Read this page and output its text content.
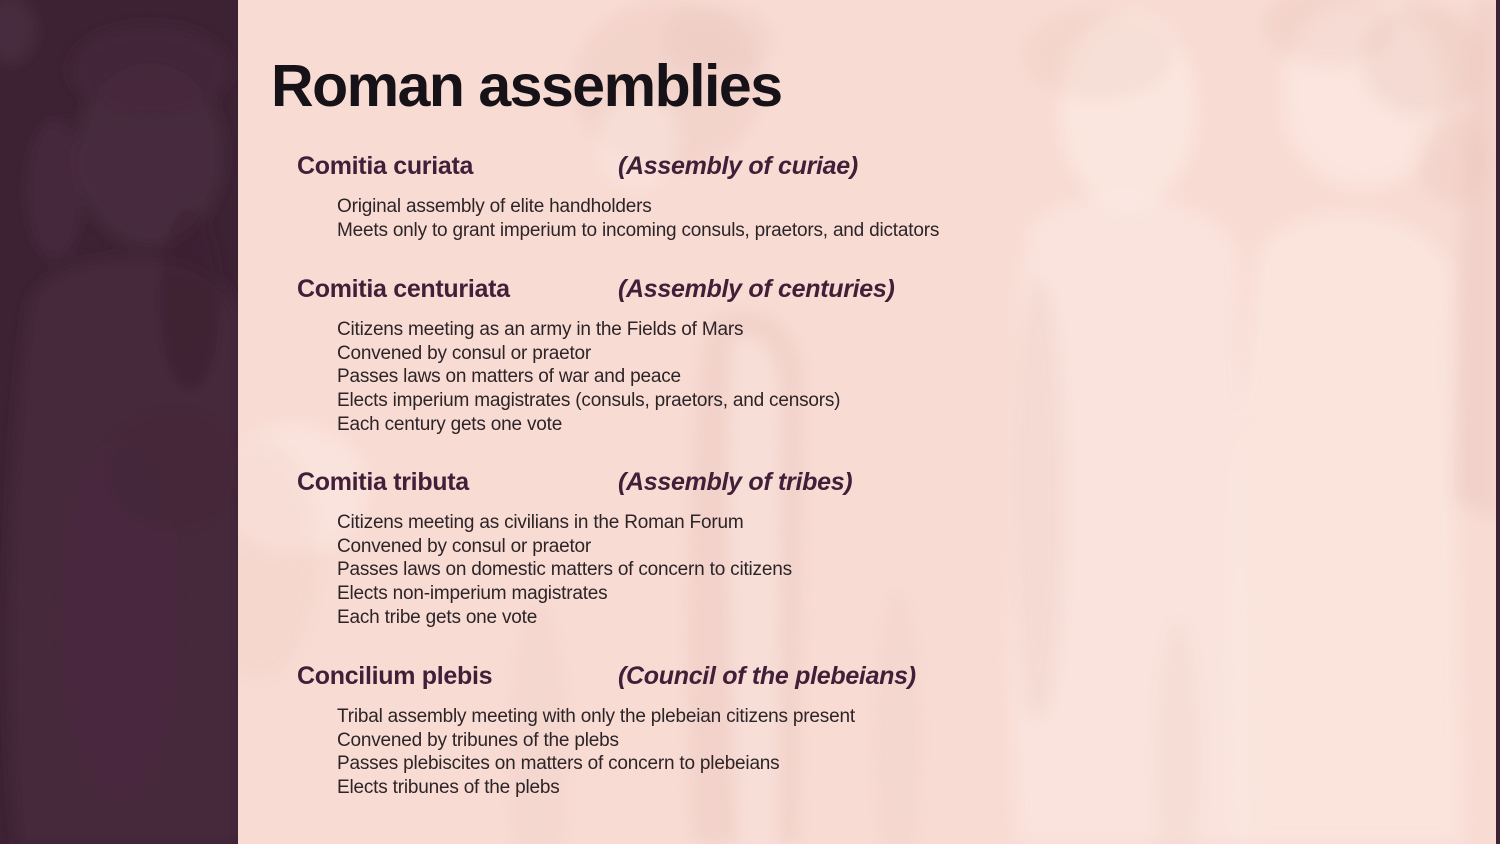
Roman assemblies
Comitia curiata	(Assembly of curiae)
Original assembly of elite handholders
Meets only to grant imperium to incoming consuls, praetors, and dictators
Comitia centuriata	(Assembly of centuries)
Citizens meeting as an army in the Fields of Mars
Convened by consul or praetor
Passes laws on matters of war and peace
Elects imperium magistrates (consuls, praetors, and censors)
Each century gets one vote
Comitia tributa	(Assembly of tribes)
Citizens meeting as civilians in the Roman Forum
Convened by consul or praetor
Passes laws on domestic matters of concern to citizens
Elects non-imperium magistrates
Each tribe gets one vote
Concilium plebis	(Council of the plebeians)
Tribal assembly meeting with only the plebeian citizens present
Convened by tribunes of the plebs
Passes plebiscites on matters of concern to plebeians
Elects tribunes of the plebs
